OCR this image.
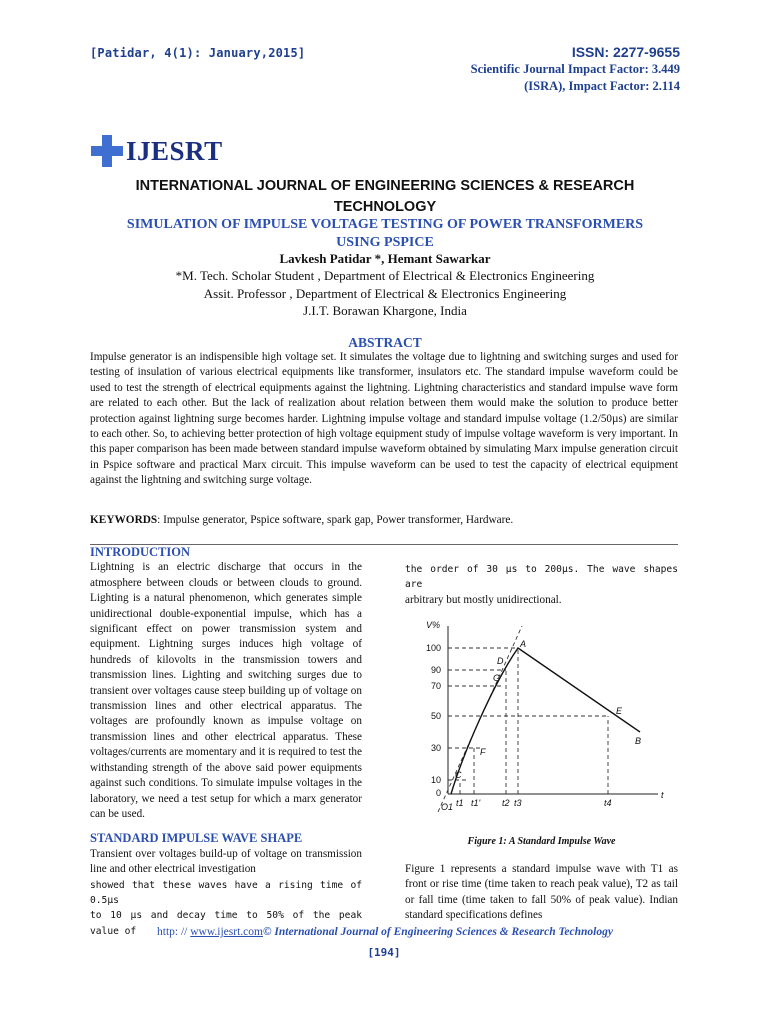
[Patidar, 4(1): January,2015]	ISSN: 2277-9655
Scientific Journal Impact Factor: 3.449
(ISRA), Impact Factor: 2.114
IJESRT
INTERNATIONAL JOURNAL OF ENGINEERING SCIENCES & RESEARCH
TECHNOLOGY
SIMULATION OF IMPULSE VOLTAGE TESTING OF POWER TRANSFORMERS
USING PSPICE
Lavkesh Patidar *, Hemant Sawarkar
*M. Tech. Scholar Student , Department of Electrical & Electronics Engineering
Assit. Professor , Department of Electrical & Electronics Engineering
J.I.T. Borawan Khargone, India
ABSTRACT

Impulse generator is an indispensible high voltage set. It simulates the voltage due to lightning and switching surges and used for testing of insulation of various electrical equipments like transformer, insulators etc. The standard impulse waveform could be used to test the strength of electrical equipments against the lightning. Lightning characteristics and standard impulse wave form are related to each other. But the lack of realization about relation between them would make the solution to produce better protection against lightning surge becomes harder. Lightning impulse voltage and standard impulse voltage (1.2/50µs) are similar to each other. So, to achieving better protection of high voltage equipment study of impulse voltage waveform is very important. In this paper comparison has been made between standard impulse waveform obtained by simulating Marx impulse generation circuit in Pspice software and practical Marx circuit. This impulse waveform can be used to test the capacity of electrical equipment against the lightning and switching surge voltage.

KEYWORDS: Impulse generator, Pspice software, spark gap, Power transformer, Hardware.
INTRODUCTION
Lightning is an electric discharge that occurs in the atmosphere between clouds or between clouds to ground. Lighting is a natural phenomenon, which generates simple unidirectional double-exponential impulse, which has a significant effect on power transmission system and equipment. Lightning surges induces high voltage of hundreds of kilovolts in the transmission towers and transmission lines. Lighting and switching surges due to transient over voltages cause steep building up of voltage on transmission lines and other electrical apparatus. The voltages are profoundly known as impulse voltage on transmission lines and other electrical apparatus. These voltages/currents are momentary and it is required to test the withstanding strength of the above said power equipments against such conditions. To simulate impulse voltages in the laboratory, we need a test setup for which a marx generator can be used.
STANDARD IMPULSE WAVE SHAPE
Transient over voltages build-up of voltage on transmission line and other electrical investigation
showed that these waves have a rising time of 0.5µs
to 10 µs and decay time to 50% of the peak value of
the order of 30 µs to 200µs. The wave shapes are
arbitrary but mostly unidirectional.
V%
t
100
90
70
50
30
10
0
A
D
G
E
B
F
C
O1 t1 t1' t2 t3	t4
Figure 1: A Standard Impulse Wave
Figure 1 represents a standard impulse wave with T1 as front or rise time (time taken to reach peak value), T2 as tail or fall time (time taken to fall 50% of peak value). Indian standard specifications defines
http: // www.ijesrt.com© International Journal of Engineering Sciences & Research Technology
[194]
